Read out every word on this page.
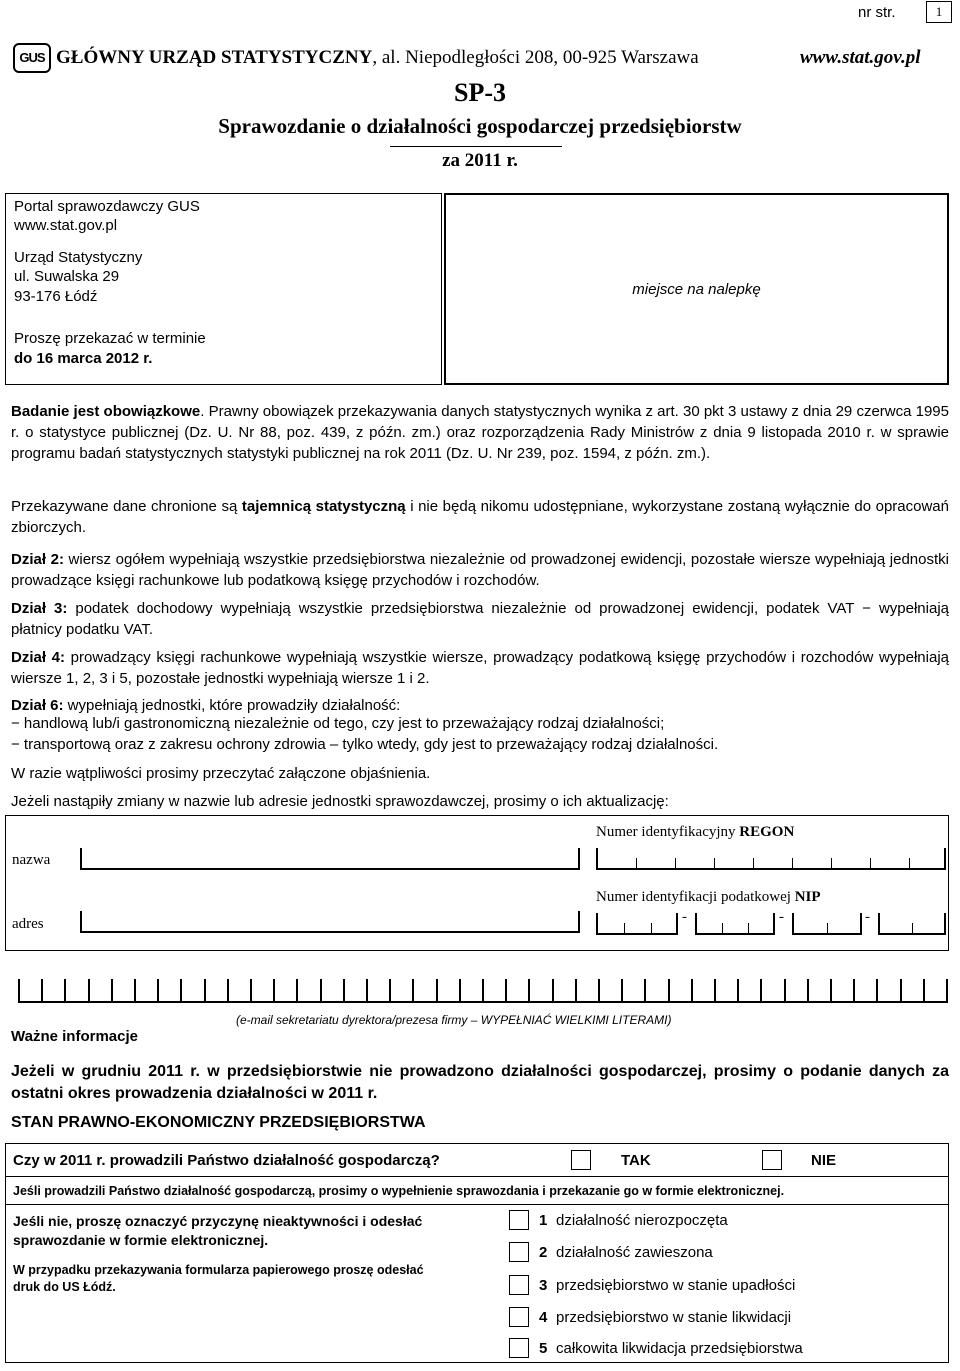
nr str.	1
GUS GŁÓWNY URZĄD STATYSTYCZNY, al. Niepodległości 208, 00-925 Warszawa	www.stat.gov.pl
SP-3
Sprawozdanie o działalności gospodarczej przedsiębiorstw
za 2011 r.
Portal sprawozdawczy GUS
www.stat.gov.pl
Urząd Statystyczny
ul. Suwalska 29
93-176 Łódź
Proszę przekazać w terminie
do 16 marca 2012 r.
miejsce na nalepkę
Badanie jest obowiązkowe. Prawny obowiązek przekazywania danych statystycznych wynika z art. 30 pkt 3 ustawy z dnia 29 czerwca 1995 r. o statystyce publicznej (Dz. U. Nr 88, poz. 439, z późn. zm.) oraz rozporządzenia Rady Ministrów z dnia 9 listopada 2010 r. w sprawie programu badań statystycznych statystyki publicznej na rok 2011 (Dz. U. Nr 239, poz. 1594, z późn. zm.).
Przekazywane dane chronione są tajemnicą statystyczną i nie będą nikomu udostępniane, wykorzystane zostaną wyłącznie do opracowań zbiorczych.
Dział 2: wiersz ogółem wypełniają wszystkie przedsiębiorstwa niezależnie od prowadzonej ewidencji, pozostałe wiersze wypełniają jednostki prowadzące księgi rachunkowe lub podatkową księgę przychodów i rozchodów.
Dział 3: podatek dochodowy wypełniają wszystkie przedsiębiorstwa niezależnie od prowadzonej ewidencji, podatek VAT − wypełniają płatnicy podatku VAT.
Dział 4: prowadzący księgi rachunkowe wypełniają wszystkie wiersze, prowadzący podatkową księgę przychodów i rozchodów wypełniają wiersze 1, 2, 3 i 5, pozostałe jednostki wypełniają wiersze 1 i 2.
Dział 6: wypełniają jednostki, które prowadziły działalność:
− handlową lub/i gastronomiczną niezależnie od tego, czy jest to przeważający rodzaj działalności;
− transportową oraz z zakresu ochrony zdrowia – tylko wtedy, gdy jest to przeważający rodzaj działalności.
W razie wątpliwości prosimy przeczytać załączone objaśnienia.
Jeżeli nastąpiły zmiany w nazwie lub adresie jednostki sprawozdawczej, prosimy o ich aktualizację:
nazwa
adres
Numer identyfikacyjny REGON
Numer identyfikacji podatkowej NIP
-	-	-
(e-mail sekretariatu dyrektora/prezesa firmy – WYPEŁNIAĆ WIELKIMI LITERAMI)
Ważne informacje
Jeżeli w grudniu 2011 r. w przedsiębiorstwie nie prowadzono działalności gospodarczej, prosimy o podanie danych za ostatni okres prowadzenia działalności w 2011 r.
STAN PRAWNO-EKONOMICZNY PRZEDSIĘBIORSTWA
Czy w 2011 r. prowadzili Państwo działalność gospodarczą?	TAK	NIE
Jeśli prowadzili Państwo działalność gospodarczą, prosimy o wypełnienie sprawozdania i przekazanie go w formie elektronicznej.
Jeśli nie, proszę oznaczyć przyczynę nieaktywności i odesłać sprawozdanie w formie elektronicznej.
W przypadku przekazywania formularza papierowego proszę odesłać druk do US Łódź.
1 działalność nierozpoczęta
2 działalność zawieszona
3 przedsiębiorstwo w stanie upadłości
4 przedsiębiorstwo w stanie likwidacji
5 całkowita likwidacja przedsiębiorstwa
